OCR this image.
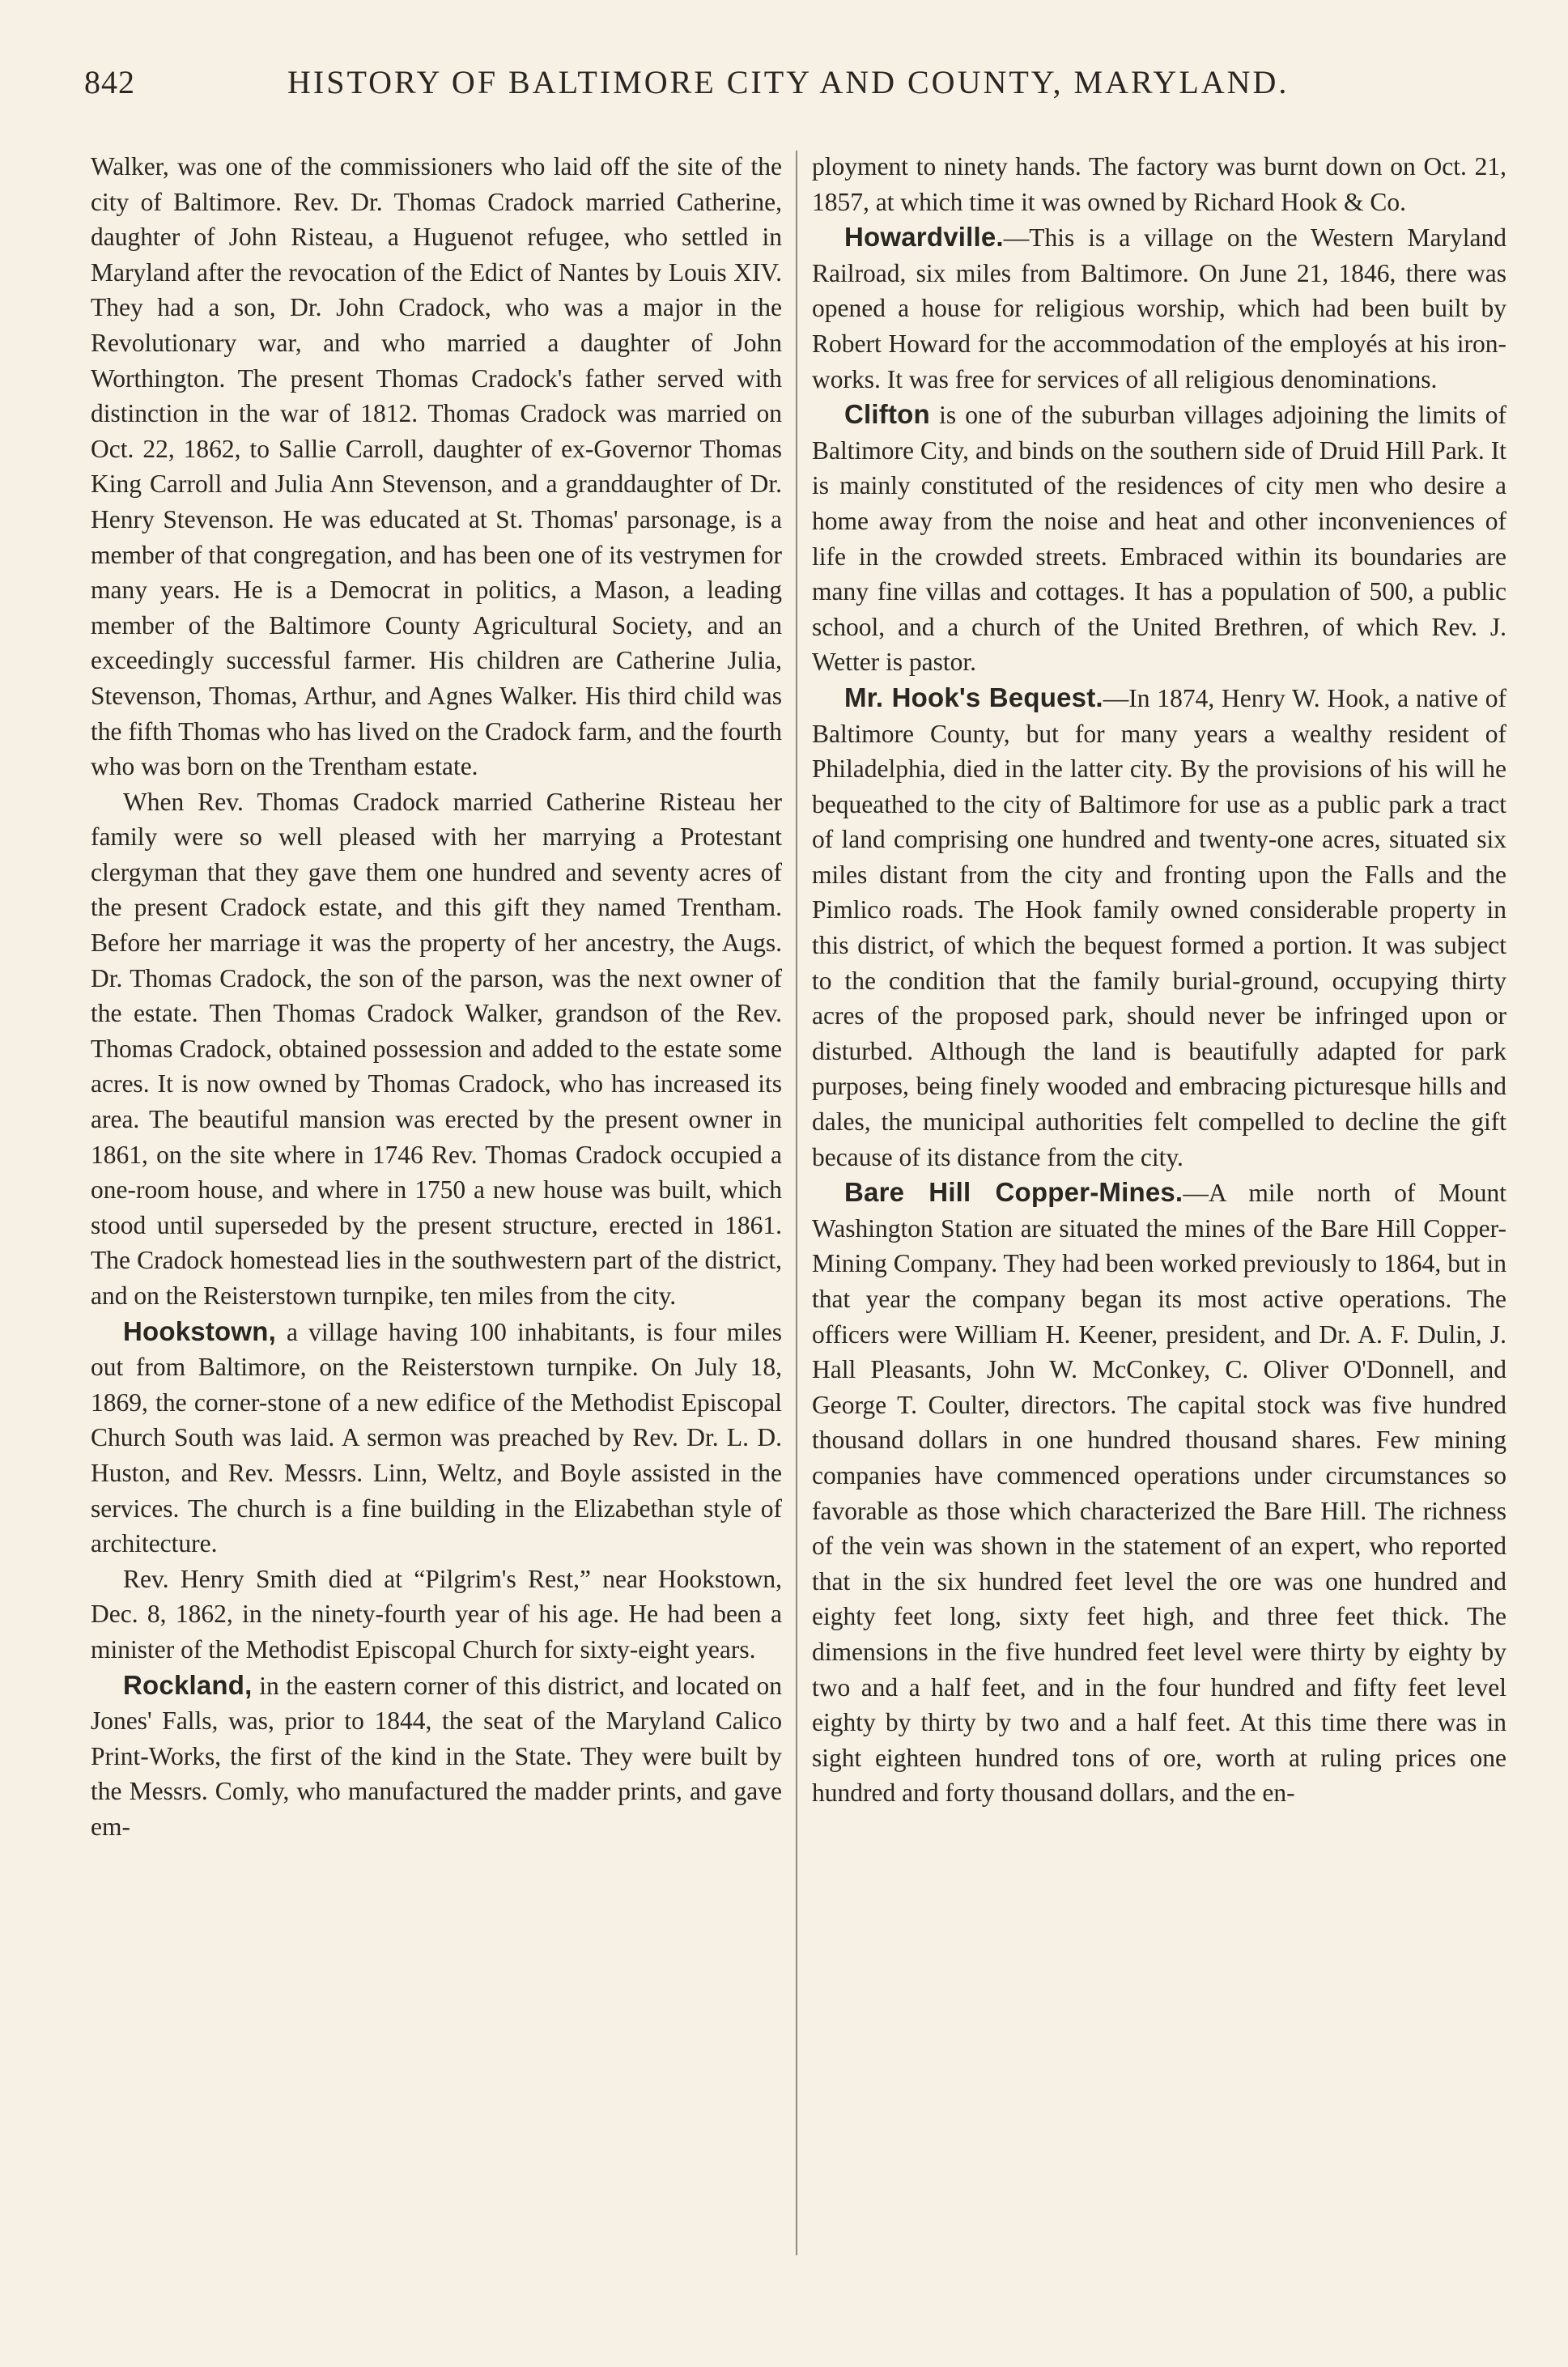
842	HISTORY OF BALTIMORE CITY AND COUNTY, MARYLAND.

Walker, was one of the commissioners who laid off the site of the city of Baltimore. Rev. Dr. Thomas Cradock married Catherine, daughter of John Risteau, a Huguenot refugee, who settled in Maryland after the revocation of the Edict of Nantes by Louis XIV. They had a son, Dr. John Cradock, who was a major in the Revolutionary war, and who married a daughter of John Worthington. The present Thomas Cradock's father served with distinction in the war of 1812. Thomas Cradock was married on Oct. 22, 1862, to Sallie Carroll, daughter of ex-Governor Thomas King Carroll and Julia Ann Stevenson, and a granddaughter of Dr. Henry Stevenson. He was educated at St. Thomas' parsonage, is a member of that congregation, and has been one of its vestrymen for many years. He is a Democrat in politics, a Mason, a leading member of the Baltimore County Agricultural Society, and an exceedingly successful farmer. His children are Catherine Julia, Stevenson, Thomas, Arthur, and Agnes Walker. His third child was the fifth Thomas who has lived on the Cradock farm, and the fourth who was born on the Trentham estate.

When Rev. Thomas Cradock married Catherine Risteau her family were so well pleased with her marrying a Protestant clergyman that they gave them one hundred and seventy acres of the present Cradock estate, and this gift they named Trentham. Before her marriage it was the property of her ancestry, the Augs. Dr. Thomas Cradock, the son of the parson, was the next owner of the estate. Then Thomas Cradock Walker, grandson of the Rev. Thomas Cradock, obtained possession and added to the estate some acres. It is now owned by Thomas Cradock, who has increased its area. The beautiful mansion was erected by the present owner in 1861, on the site where in 1746 Rev. Thomas Cradock occupied a one-room house, and where in 1750 a new house was built, which stood until superseded by the present structure, erected in 1861. The Cradock homestead lies in the southwestern part of the district, and on the Reisterstown turnpike, ten miles from the city.

Hookstown, a village having 100 inhabitants, is four miles out from Baltimore, on the Reisterstown turnpike. On July 18, 1869, the corner-stone of a new edifice of the Methodist Episcopal Church South was laid. A sermon was preached by Rev. Dr. L. D. Huston, and Rev. Messrs. Linn, Weltz, and Boyle assisted in the services. The church is a fine building in the Elizabethan style of architecture.

Rev. Henry Smith died at “Pilgrim's Rest,” near Hookstown, Dec. 8, 1862, in the ninety-fourth year of his age. He had been a minister of the Methodist Episcopal Church for sixty-eight years.

Rockland, in the eastern corner of this district, and located on Jones' Falls, was, prior to 1844, the seat of the Maryland Calico Print-Works, the first of the kind in the State. They were built by the Messrs. Comly, who manufactured the madder prints, and gave em-

ployment to ninety hands. The factory was burnt down on Oct. 21, 1857, at which time it was owned by Richard Hook & Co.

Howardville.—This is a village on the Western Maryland Railroad, six miles from Baltimore. On June 21, 1846, there was opened a house for religious worship, which had been built by Robert Howard for the accommodation of the employés at his iron-works. It was free for services of all religious denominations.

Clifton is one of the suburban villages adjoining the limits of Baltimore City, and binds on the southern side of Druid Hill Park. It is mainly constituted of the residences of city men who desire a home away from the noise and heat and other inconveniences of life in the crowded streets. Embraced within its boundaries are many fine villas and cottages. It has a population of 500, a public school, and a church of the United Brethren, of which Rev. J. Wetter is pastor.

Mr. Hook's Bequest.—In 1874, Henry W. Hook, a native of Baltimore County, but for many years a wealthy resident of Philadelphia, died in the latter city. By the provisions of his will he bequeathed to the city of Baltimore for use as a public park a tract of land comprising one hundred and twenty-one acres, situated six miles distant from the city and fronting upon the Falls and the Pimlico roads. The Hook family owned considerable property in this district, of which the bequest formed a portion. It was subject to the condition that the family burial-ground, occupying thirty acres of the proposed park, should never be infringed upon or disturbed. Although the land is beautifully adapted for park purposes, being finely wooded and embracing picturesque hills and dales, the municipal authorities felt compelled to decline the gift because of its distance from the city.

Bare Hill Copper-Mines.—A mile north of Mount Washington Station are situated the mines of the Bare Hill Copper-Mining Company. They had been worked previously to 1864, but in that year the company began its most active operations. The officers were William H. Keener, president, and Dr. A. F. Dulin, J. Hall Pleasants, John W. McConkey, C. Oliver O'Donnell, and George T. Coulter, directors. The capital stock was five hundred thousand dollars in one hundred thousand shares. Few mining companies have commenced operations under circumstances so favorable as those which characterized the Bare Hill. The richness of the vein was shown in the statement of an expert, who reported that in the six hundred feet level the ore was one hundred and eighty feet long, sixty feet high, and three feet thick. The dimensions in the five hundred feet level were thirty by eighty by two and a half feet, and in the four hundred and fifty feet level eighty by thirty by two and a half feet. At this time there was in sight eighteen hundred tons of ore, worth at ruling prices one hundred and forty thousand dollars, and the en-
